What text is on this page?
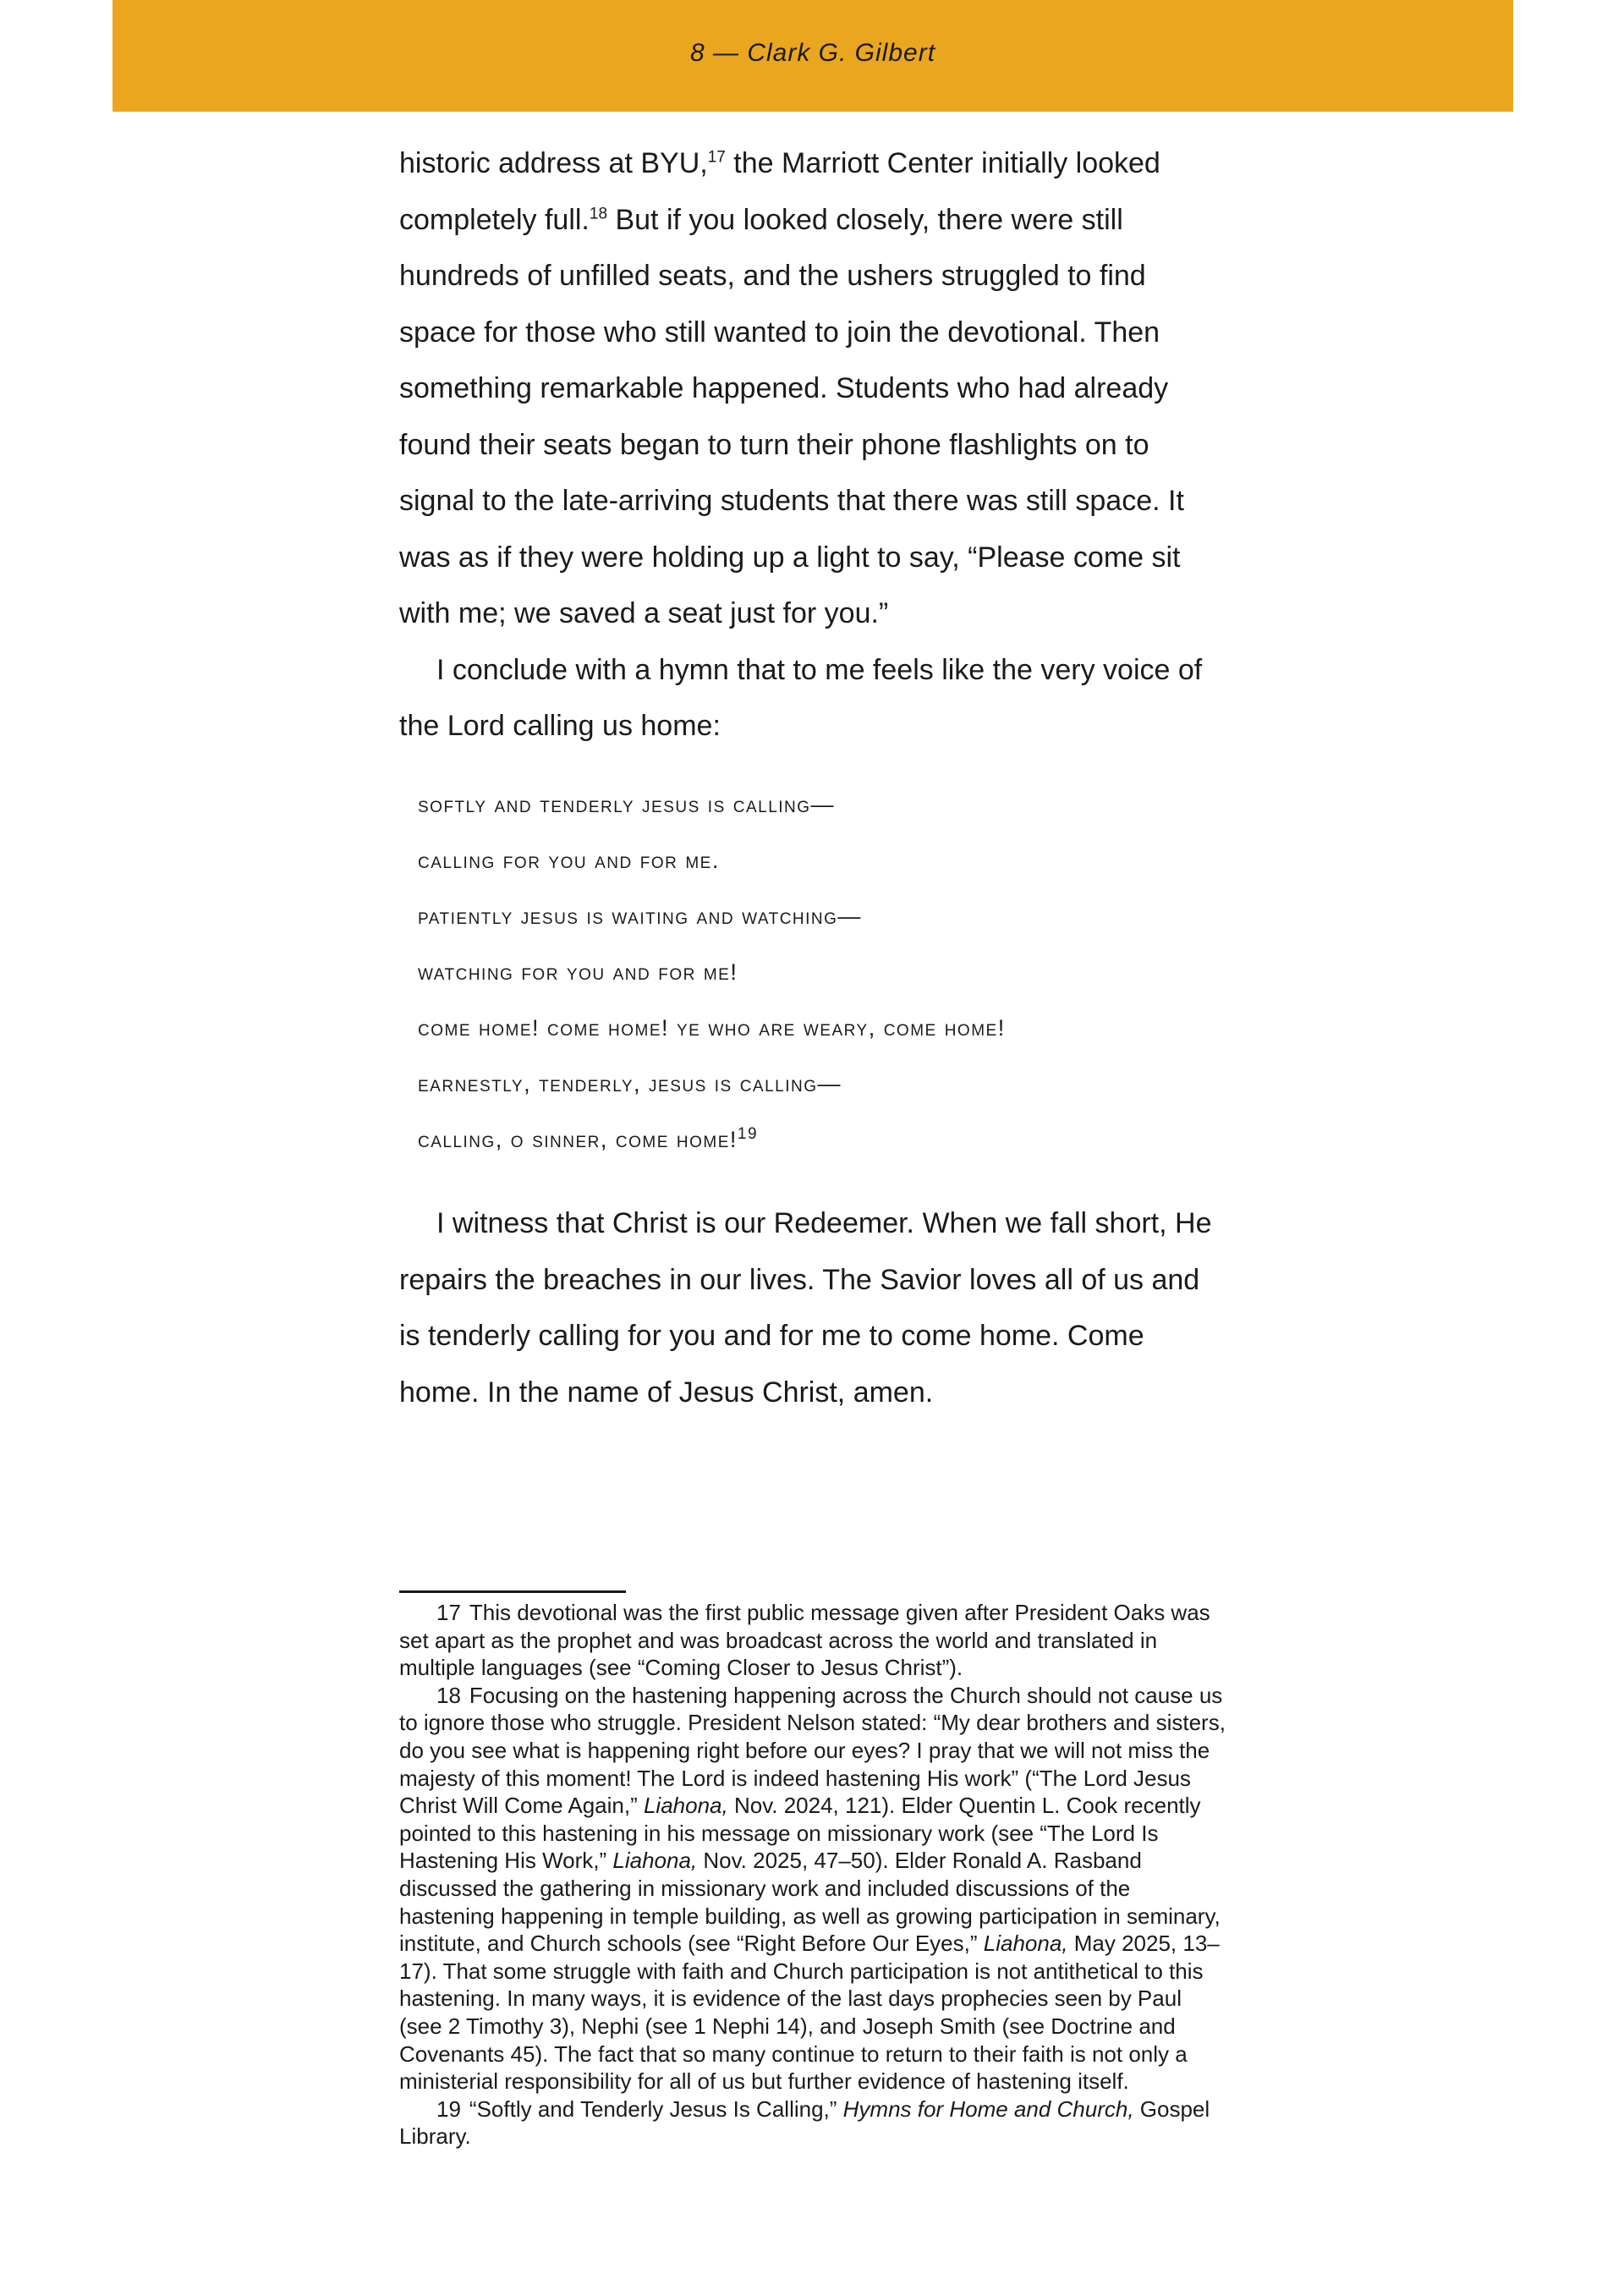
8 — Clark G. Gilbert

historic address at BYU,$^{17}$ the Marriott Center initially looked completely full.$^{18}$ But if you looked closely, there were still hundreds of unfilled seats, and the ushers struggled to find space for those who still wanted to join the devotional. Then something remarkable happened. Students who had already found their seats began to turn their phone flashlights on to signal to the late-arriving students that there was still space. It was as if they were holding up a light to say, “Please come sit with me; we saved a seat just for you.”

I conclude with a hymn that to me feels like the very voice of the Lord calling us home:

softly and tenderly jesus is calling—
calling for you and for me.
patiently jesus is waiting and watching—
watching for you and for me!
come home! come home! ye who are weary, come home!
earnestly, tenderly, jesus is calling—
calling, o sinner, come home!$^{19}$

I witness that Christ is our Redeemer. When we fall short, He repairs the breaches in our lives. The Savior loves all of us and is tenderly calling for you and for me to come home. Come home. In the name of Jesus Christ, amen.

17 This devotional was the first public message given after President Oaks was set apart as the prophet and was broadcast across the world and translated in multiple languages (see “Coming Closer to Jesus Christ”).

18 Focusing on the hastening happening across the Church should not cause us to ignore those who struggle. President Nelson stated: “My dear brothers and sisters, do you see what is happening right before our eyes? I pray that we will not miss the majesty of this moment! The Lord is indeed hastening His work” (“The Lord Jesus Christ Will Come Again,” Liahona, Nov. 2024, 121). Elder Quentin L. Cook recently pointed to this hastening in his message on missionary work (see “The Lord Is Hastening His Work,” Liahona, Nov. 2025, 47–50). Elder Ronald A. Rasband discussed the gathering in missionary work and included discussions of the hastening happening in temple building, as well as growing participation in seminary, institute, and Church schools (see “Right Before Our Eyes,” Liahona, May 2025, 13–17). That some struggle with faith and Church participation is not antithetical to this hastening. In many ways, it is evidence of the last days prophecies seen by Paul (see 2 Timothy 3), Nephi (see 1 Nephi 14), and Joseph Smith (see Doctrine and Covenants 45). The fact that so many continue to return to their faith is not only a ministerial responsibility for all of us but further evidence of hastening itself.

19 “Softly and Tenderly Jesus Is Calling,” Hymns for Home and Church, Gospel Library.
